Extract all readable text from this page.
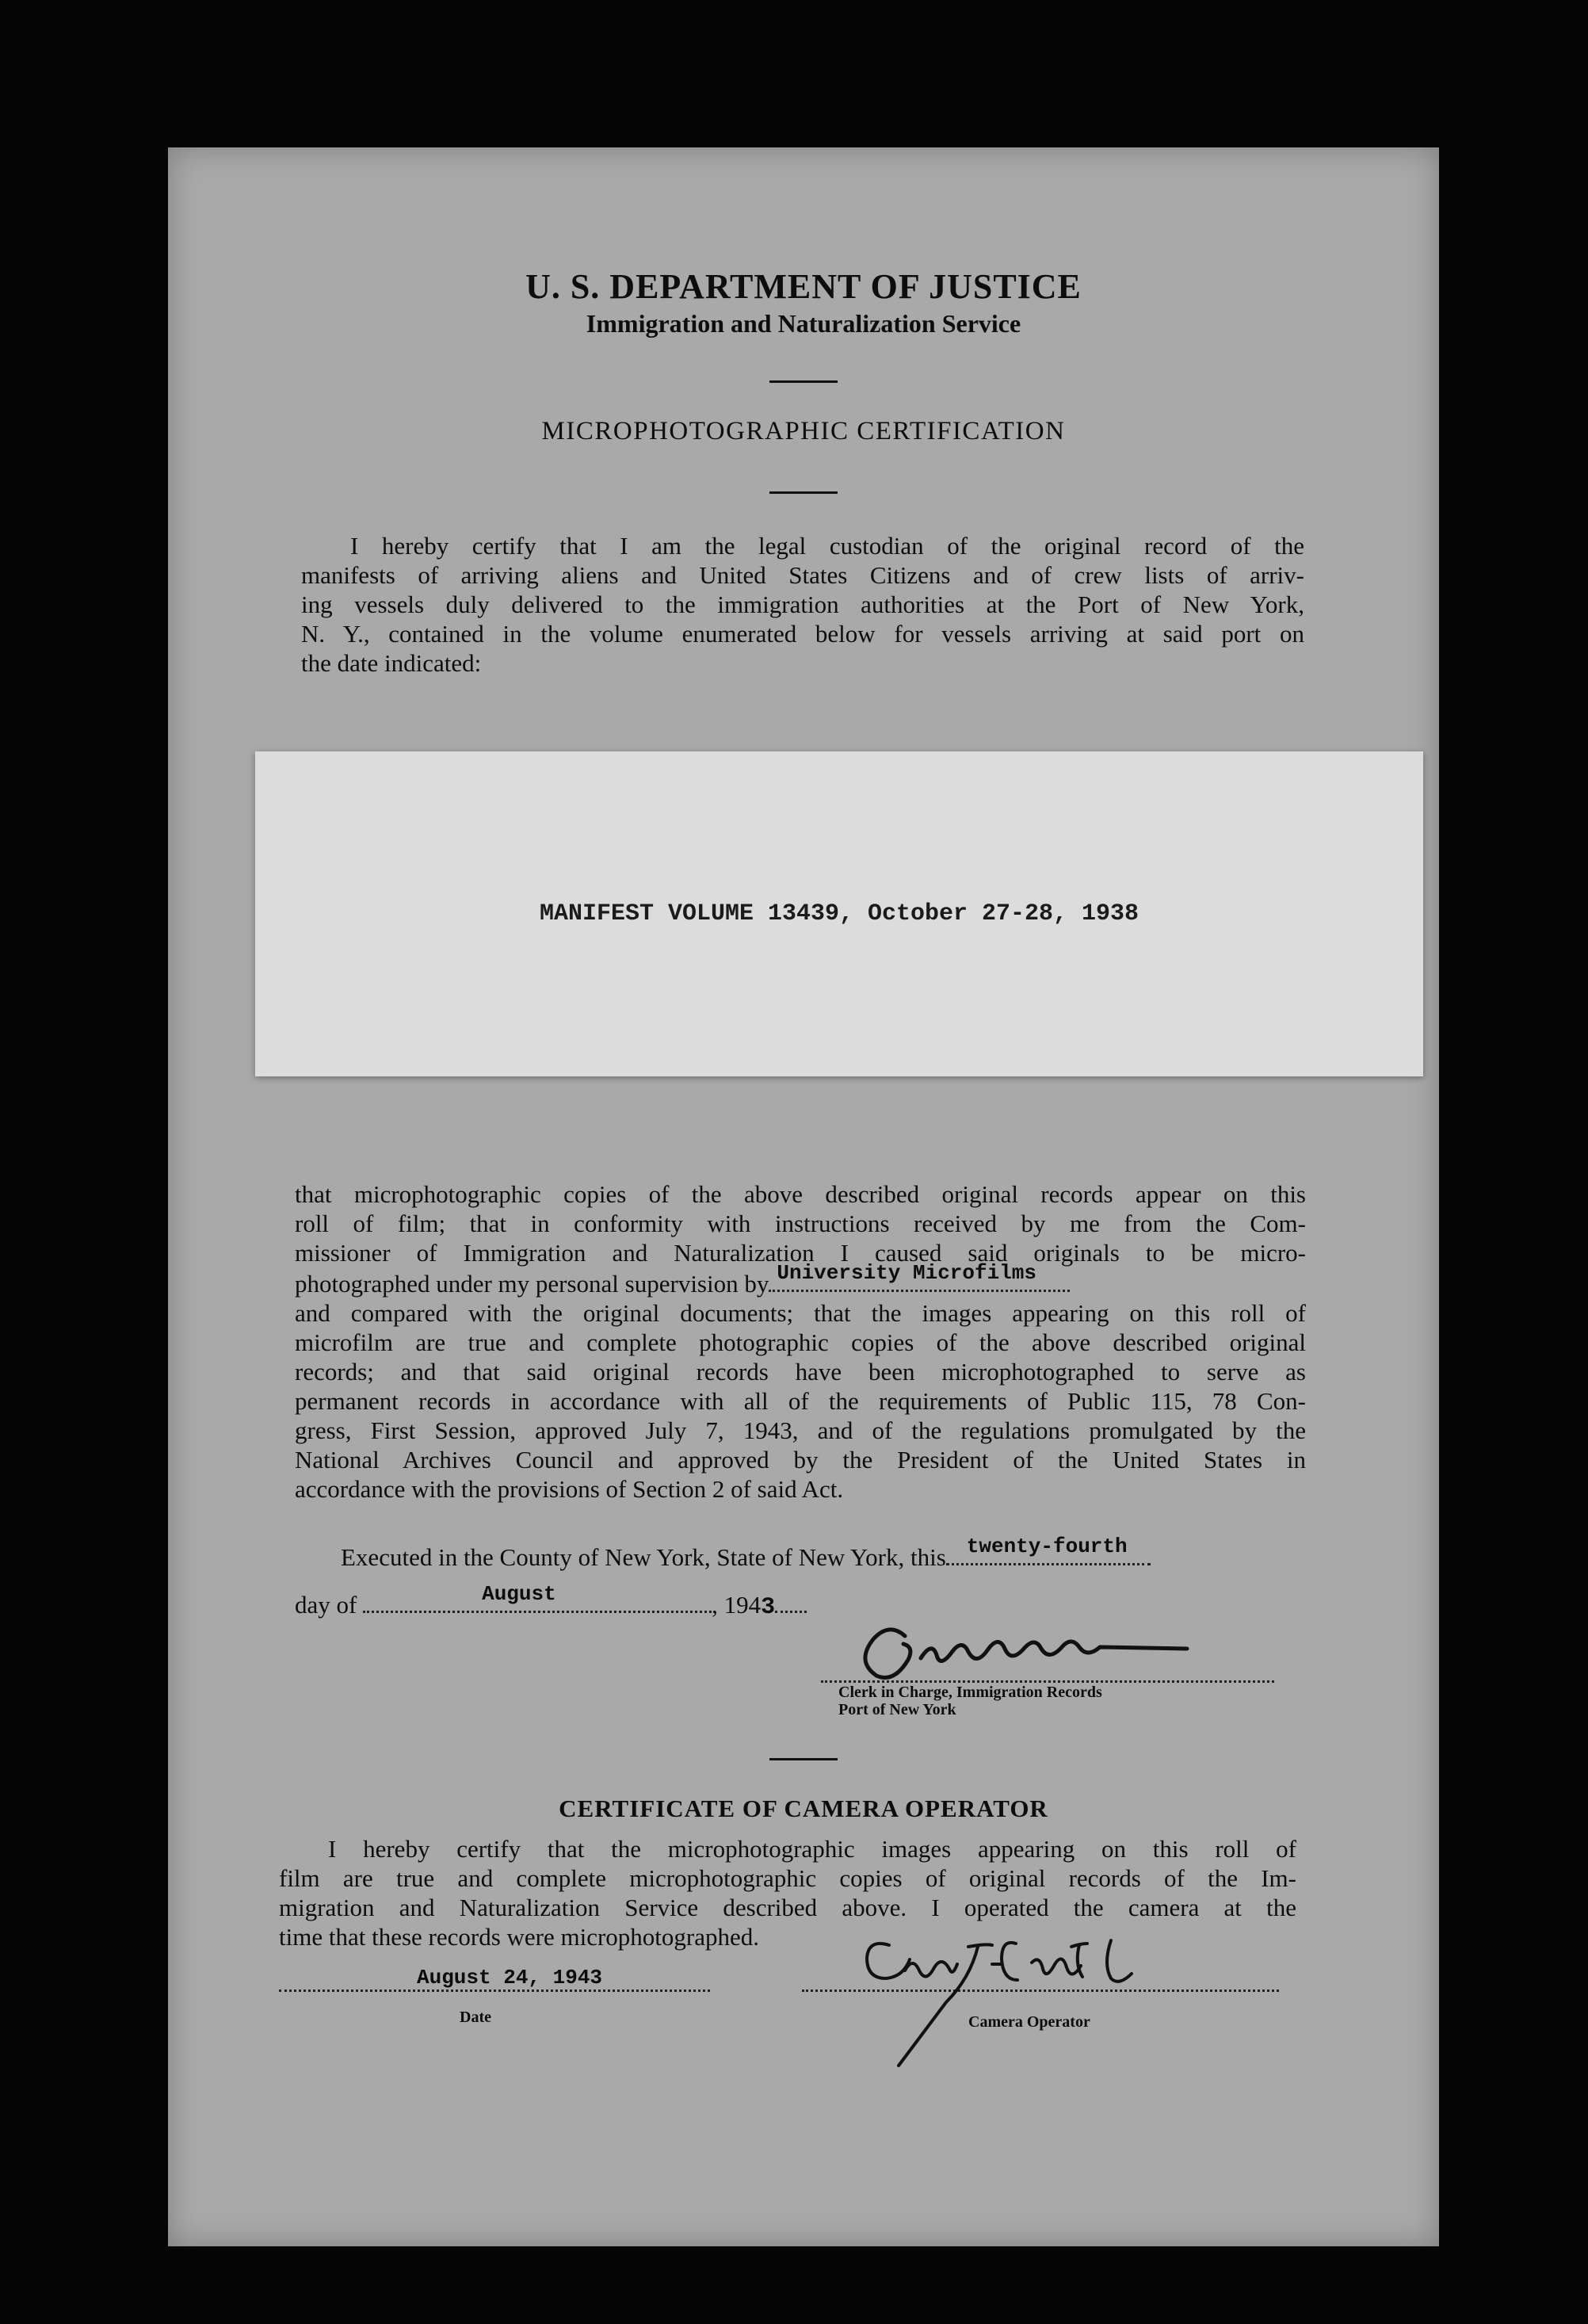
U. S. DEPARTMENT OF JUSTICE
Immigration and Naturalization Service
MICROPHOTOGRAPHIC CERTIFICATION
I hereby certify that I am the legal custodian of the original record of the
manifests of arriving aliens and United States Citizens and of crew lists of arriv-
ing vessels duly delivered to the immigration authorities at the Port of New York,
N. Y., contained in the volume enumerated below for vessels arriving at said port on
the date indicated:
MANIFEST VOLUME 13439, October 27-28, 1938
that microphotographic copies of the above described original records appear on this
roll of film; that in conformity with instructions received by me from the Com-
missioner of Immigration and Naturalization I caused said originals to be micro-
photographed under my personal supervision by University Microfilms
and compared with the original documents; that the images appearing on this roll of
microfilm are true and complete photographic copies of the above described original
records; and that said original records have been microphotographed to serve as
permanent records in accordance with all of the requirements of Public 115, 78 Con-
gress, First Session, approved July 7, 1943, and of the regulations promulgated by the
National Archives Council and approved by the President of the United States in
accordance with the provisions of Section 2 of said Act.
Executed in the County of New York, State of New York, this twenty-fourth
day of	August	, 1943
Clerk in Charge, Immigration Records
Port of New York
CERTIFICATE OF CAMERA OPERATOR
I hereby certify that the microphotographic images appearing on this roll of
film are true and complete microphotographic copies of original records of the Im-
migration and Naturalization Service described above. I operated the camera at the
time that these records were microphotographed.
August 24, 1943
Date	Camera Operator
